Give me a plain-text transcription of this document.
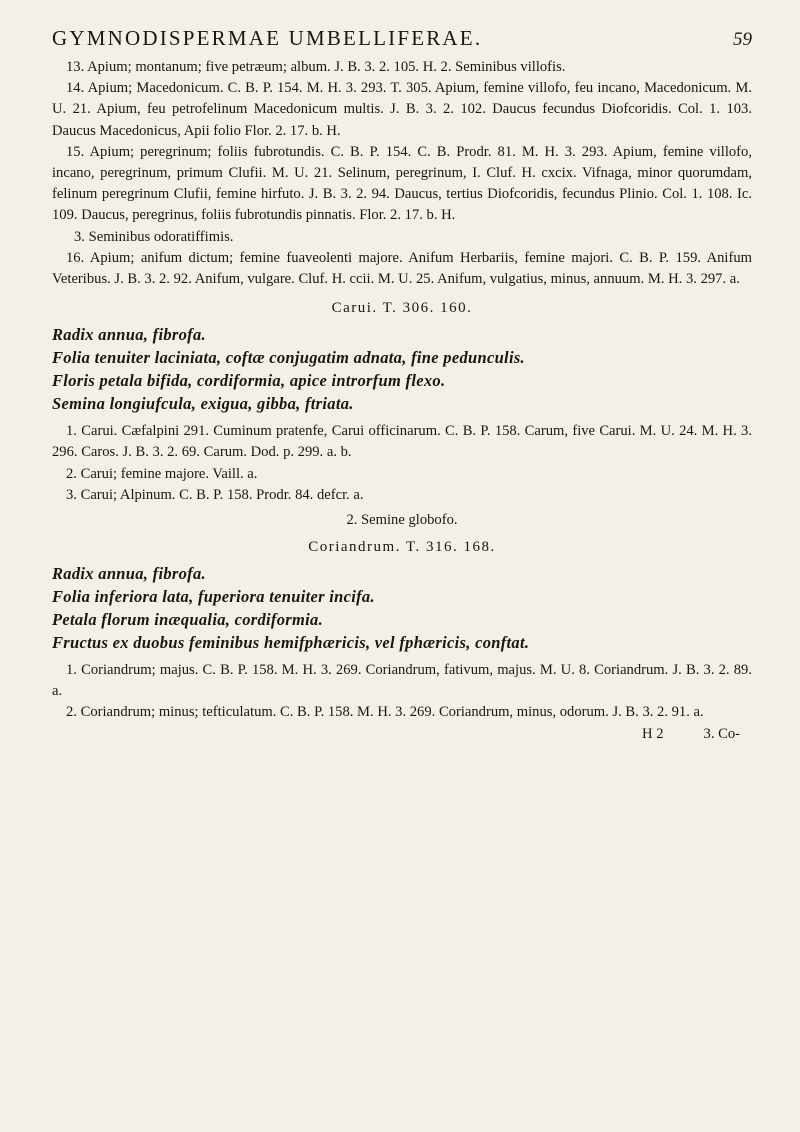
GYMNODISPERMAE UMBELLIFERAE.	59

13. Apium; montanum; five petræum; album. J. B. 3. 2. 105. H. 2. Seminibus villofis.

14. Apium; Macedonicum. C. B. P. 154. M. H. 3. 293. T. 305. Apium, femine villofo, feu incano, Macedonicum. M. U. 21. Apium, feu petrofelinum Macedonicum multis. J. B. 3. 2. 102. Daucus fecundus Diofcoridis. Col. 1. 103. Daucus Macedonicus, Apii folio Flor. 2. 17. b. H.

15. Apium; peregrinum; foliis fubrotundis. C. B. P. 154. C. B. Prodr. 81. M. H. 3. 293. Apium, femine villofo, incano, peregrinum, primum Clufii. M. U. 21. Selinum, peregrinum, I. Cluf. H. cxcix. Vifnaga, minor quorumdam, felinum peregrinum Clufii, femine hirfuto. J. B. 3. 2. 94. Daucus, tertius Diofcoridis, fecundus Plinio. Col. 1. 108. Ic. 109. Daucus, peregrinus, foliis fubrotundis pinnatis. Flor. 2. 17. b. H.

3. Seminibus odoratiffimis.

16. Apium; anifum dictum; femine fuaveolenti majore. Anifum Herbariis, femine majori. C. B. P. 159. Anifum Veteribus. J. B. 3. 2. 92. Anifum, vulgare. Cluf. H. ccii. M. U. 25. Anifum, vulgatius, minus, annuum. M. H. 3. 297. a.

Carui. T. 306. 160.

Radix annua, fibrofa.

Folia tenuiter laciniata, coftæ conjugatim adnata, fine pedunculis.

Floris petala bifida, cordiformia, apice introrfum flexo.

Semina longiufcula, exigua, gibba, ftriata.

1. Carui. Cæfalpini 291. Cuminum pratenfe, Carui officinarum. C. B. P. 158. Carum, five Carui. M. U. 24. M. H. 3. 296. Caros. J. B. 3. 2. 69. Carum. Dod. p. 299. a. b.

2. Carui; femine majore. Vaill. a.

3. Carui; Alpinum. C. B. P. 158. Prodr. 84. defcr. a.

2. Semine globofo.
Coriandrum. T. 316. 168.

Radix annua, fibrofa.

Folia inferiora lata, fuperiora tenuiter incifa.

Petala florum inæqualia, cordiformia.

Fructus ex duobus feminibus hemifphæricis, vel fphæricis, conftat.

1. Coriandrum; majus. C. B. P. 158. M. H. 3. 269. Coriandrum, fativum, majus. M. U. 8. Coriandrum. J. B. 3. 2. 89. a.

2. Coriandrum; minus; tefticulatum. C. B. P. 158. M. H. 3. 269. Coriandrum, minus, odorum. J. B. 3. 2. 91. a.

H 2	3. Co-
